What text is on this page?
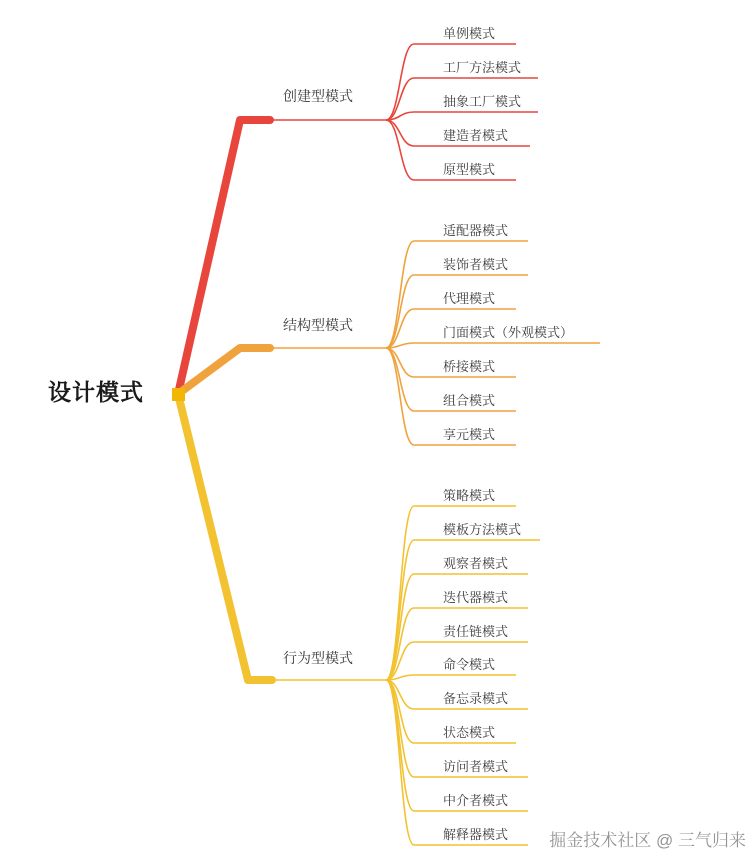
设计模式
创建型模式
结构型模式
行为型模式
单例模式
工厂方法模式
抽象工厂模式
建造者模式
原型模式
适配器模式
装饰者模式
代理模式
门面模式（外观模式）
桥接模式
组合模式
享元模式
策略模式
模板方法模式
观察者模式
迭代器模式
责任链模式
命令模式
备忘录模式
状态模式
访问者模式
中介者模式
解释器模式 掘金技术社区 @ 三气归来
